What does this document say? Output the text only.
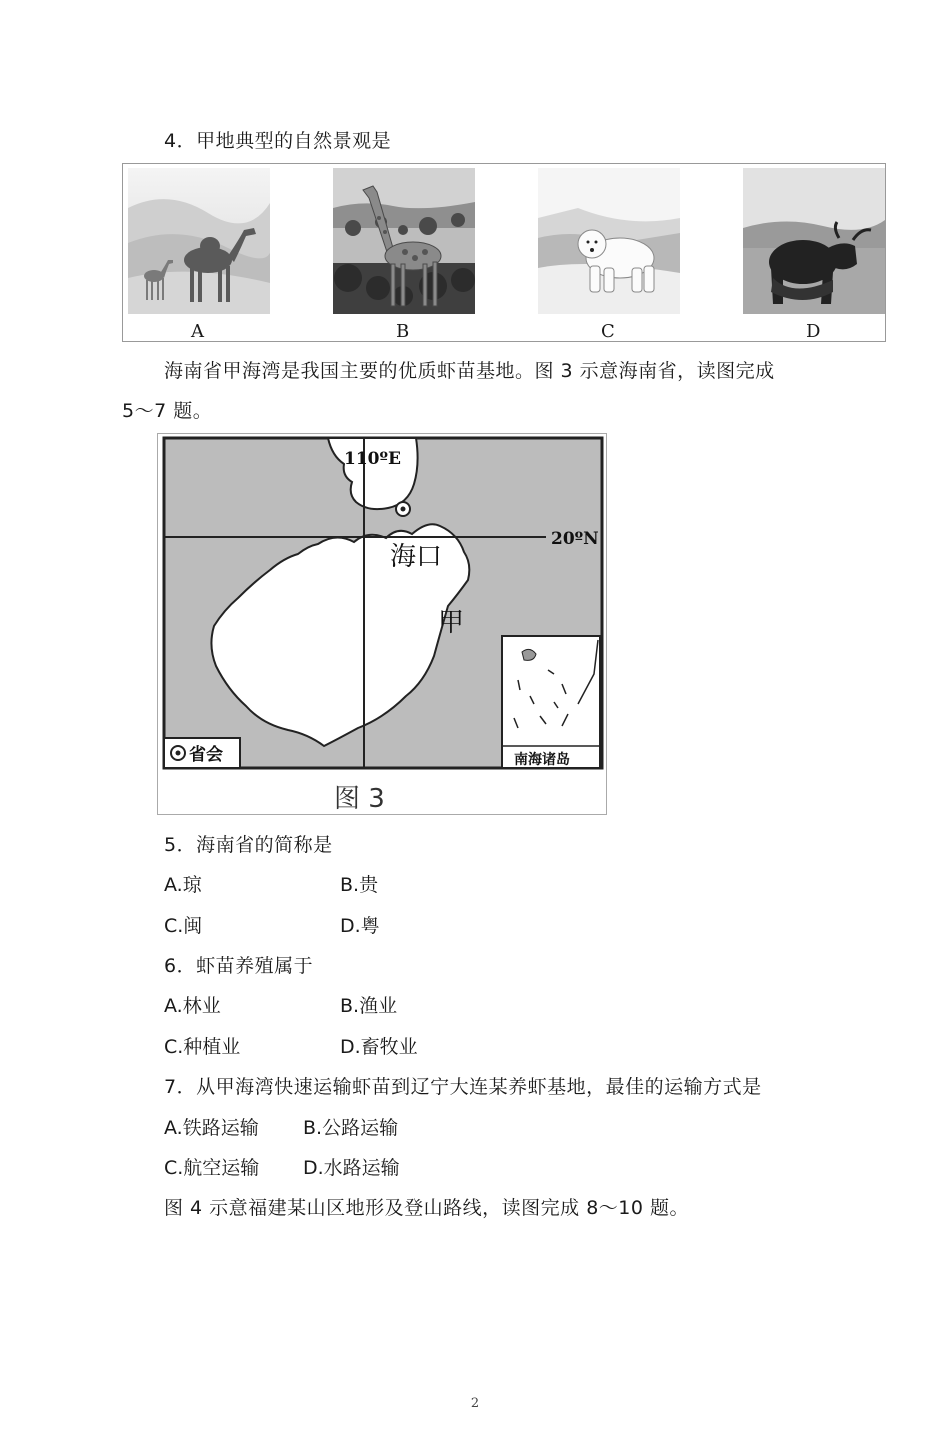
4．甲地典型的自然景观是
A	B	C	D
海南省甲海湾是我国主要的优质虾苗基地。图 3 示意海南省，读图完成
5～7 题。
110ºE
20ºN
海口
甲
省会	南海诸岛
图 3
5．海南省的简称是
A.琼	B.贵
C.闽	D.粤
6．虾苗养殖属于
A.林业	B.渔业
C.种植业	D.畜牧业
7．从甲海湾快速运输虾苗到辽宁大连某养虾基地，最佳的运输方式是
A.铁路运输 B.公路运输
C.航空运输 D.水路运输
图 4 示意福建某山区地形及登山路线，读图完成 8～10 题。
2
